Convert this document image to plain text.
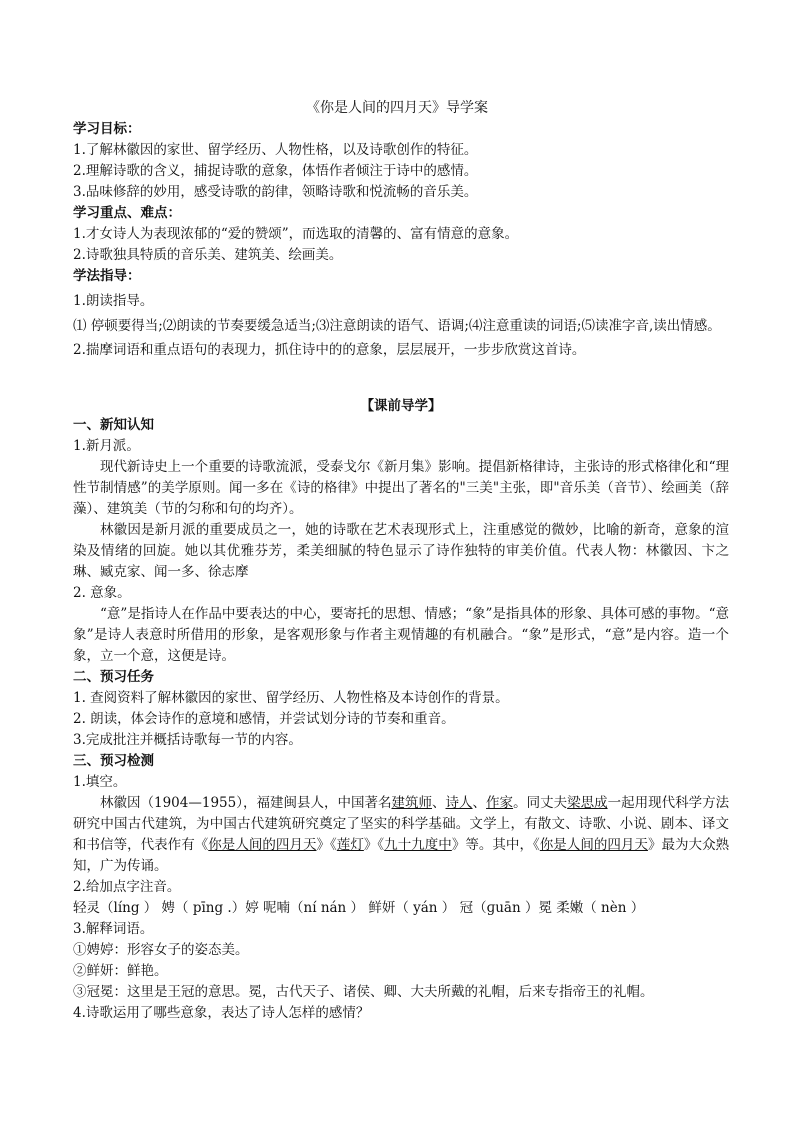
《你是人间的四月天》导学案
学习目标：
1.了解林徽因的家世、留学经历、人物性格，以及诗歌创作的特征。
2.理解诗歌的含义，捕捉诗歌的意象，体悟作者倾注于诗中的感情。
3.品味修辞的妙用，感受诗歌的韵律，领略诗歌和悦流畅的音乐美。
学习重点、难点：
1.才女诗人为表现浓郁的“爱的赞颂”，而选取的清馨的、富有情意的意象。
2.诗歌独具特质的音乐美、建筑美、绘画美。
学法指导：
1.朗读指导。
⑴ 停顿要得当;⑵朗读的节奏要缓急适当;⑶注意朗读的语气、语调;⑷注意重读的词语;⑸读准字音,读出情感。
2.揣摩词语和重点语句的表现力，抓住诗中的的意象，层层展开，一步步欣赏这首诗。
【课前导学】
一、新知认知
1.新月派。
现代新诗史上一个重要的诗歌流派，受泰戈尔《新月集》影响。提倡新格律诗，主张诗的形式格律化和“理性节制情感”的美学原则。闻一多在《诗的格律》中提出了著名的"三美"主张，即"音乐美（音节）、绘画美（辞藻）、建筑美（节的匀称和句的均齐）。
林徽因是新月派的重要成员之一，她的诗歌在艺术表现形式上，注重感觉的微妙，比喻的新奇，意象的渲染及情绪的回旋。她以其优雅芬芳，柔美细腻的特色显示了诗作独特的审美价值。代表人物：林徽因、卞之琳、臧克家、闻一多、徐志摩
2. 意象。
“意”是指诗人在作品中要表达的中心，要寄托的思想、情感；“象”是指具体的形象、具体可感的事物。“意象”是诗人表意时所借用的形象，是客观形象与作者主观情趣的有机融合。“象”是形式，“意”是内容。造一个象，立一个意，这便是诗。
二、预习任务
1. 查阅资料了解林徽因的家世、留学经历、人物性格及本诗创作的背景。
2. 朗读，体会诗作的意境和感情，并尝试划分诗的节奏和重音。
3.完成批注并概括诗歌每一节的内容。
三、预习检测
1.填空。
林徽因（1904—1955），福建闽县人，中国著名建筑师、诗人、作家。同丈夫梁思成一起用现代科学方法研究中国古代建筑，为中国古代建筑研究奠定了坚实的科学基础。文学上，有散文、诗歌、小说、剧本、译文和书信等，代表作有《你是人间的四月天》《莲灯》《九十九度中》等。其中，《你是人间的四月天》最为大众熟知，广为传诵。
2.给加点字注音。
轻灵（líng ） 娉（ pīng .）婷 呢喃（ní nán ） 鲜妍（ yán ） 冠（ɡuān ）冕 柔嫩（ nèn ）
3.解释词语。
①娉婷：形容女子的姿态美。
②鲜妍：鲜艳。
③冠冕：这里是王冠的意思。冕，古代天子、诸侯、卿、大夫所戴的礼帽，后来专指帝王的礼帽。
4.诗歌运用了哪些意象，表达了诗人怎样的感情？
